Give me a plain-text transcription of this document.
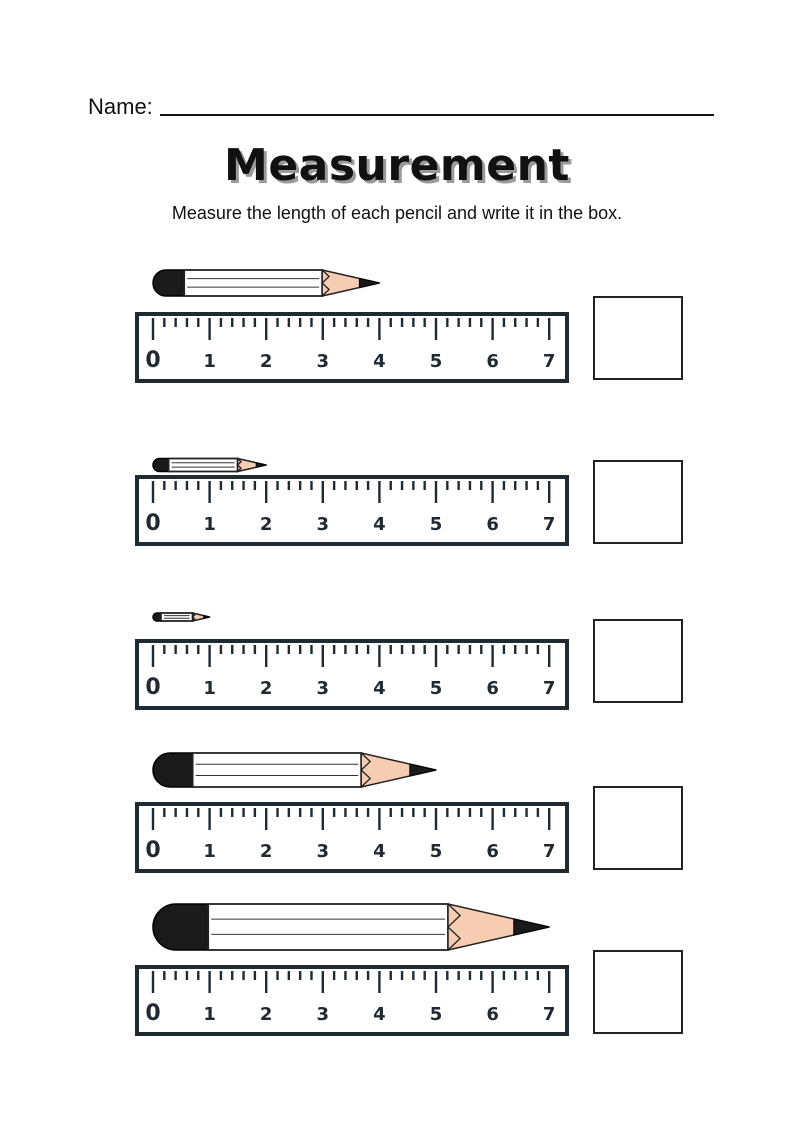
Name:
Measurement
Measure the length of each pencil and write it in the box.
0 1 2 3 4 5 6 7
0 1 2 3 4 5 6 7
0 1 2 3 4 5 6 7
0 1 2 3 4 5 6 7
0 1 2 3 4 5 6 7
